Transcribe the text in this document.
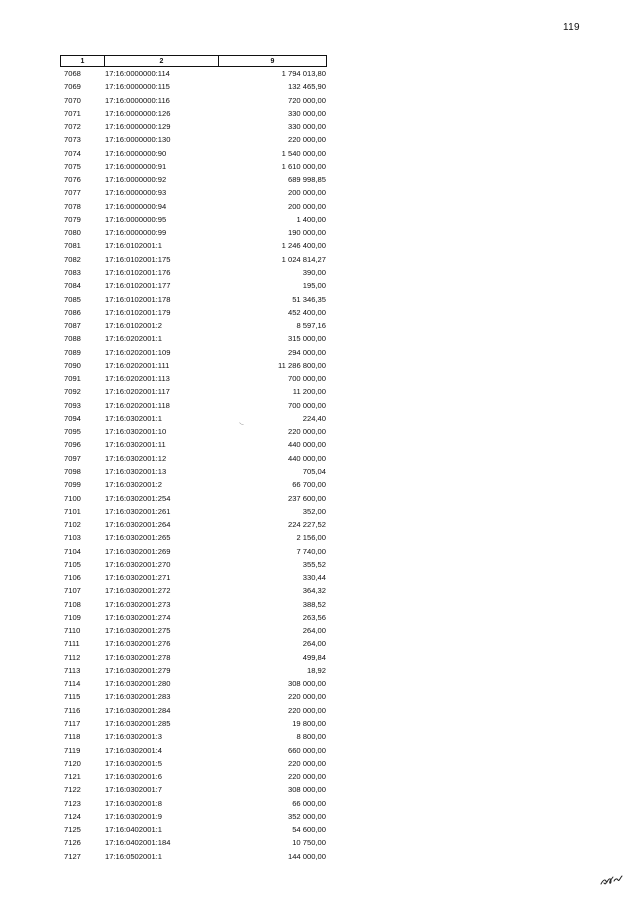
119
1	2	9
7068	17:16:0000000:114	1 794 013,80
7069	17:16:0000000:115	132 465,90
7070	17:16:0000000:116	720 000,00
7071	17:16:0000000:126	330 000,00
7072	17:16:0000000:129	330 000,00
7073	17:16:0000000:130	220 000,00
7074	17:16:0000000:90	1 540 000,00
7075	17:16:0000000:91	1 610 000,00
7076	17:16:0000000:92	689 998,85
7077	17:16:0000000:93	200 000,00
7078	17:16:0000000:94	200 000,00
7079	17:16:0000000:95	1 400,00
7080	17:16:0000000:99	190 000,00
7081	17:16:0102001:1	1 246 400,00
7082	17:16:0102001:175	1 024 814,27
7083	17:16:0102001:176	390,00
7084	17:16:0102001:177	195,00
7085	17:16:0102001:178	51 346,35
7086	17:16:0102001:179	452 400,00
7087	17:16:0102001:2	8 597,16
7088	17:16:0202001:1	315 000,00
7089	17:16:0202001:109	294 000,00
7090	17:16:0202001:111	11 286 800,00
7091	17:16:0202001:113	700 000,00
7092	17:16:0202001:117	11 200,00
7093	17:16:0202001:118	700 000,00
7094	17:16:0302001:1	224,40
7095	17:16:0302001:10	220 000,00
7096	17:16:0302001:11	440 000,00
7097	17:16:0302001:12	440 000,00
7098	17:16:0302001:13	705,04
7099	17:16:0302001:2	66 700,00
7100	17:16:0302001:254	237 600,00
7101	17:16:0302001:261	352,00
7102	17:16:0302001:264	224 227,52
7103	17:16:0302001:265	2 156,00
7104	17:16:0302001:269	7 740,00
7105	17:16:0302001:270	355,52
7106	17:16:0302001:271	330,44
7107	17:16:0302001:272	364,32
7108	17:16:0302001:273	388,52
7109	17:16:0302001:274	263,56
7110	17:16:0302001:275	264,00
7111	17:16:0302001:276	264,00
7112	17:16:0302001:278	499,84
7113	17:16:0302001:279	18,92
7114	17:16:0302001:280	308 000,00
7115	17:16:0302001:283	220 000,00
7116	17:16:0302001:284	220 000,00
7117	17:16:0302001:285	19 800,00
7118	17:16:0302001:3	8 800,00
7119	17:16:0302001:4	660 000,00
7120	17:16:0302001:5	220 000,00
7121	17:16:0302001:6	220 000,00
7122	17:16:0302001:7	308 000,00
7123	17:16:0302001:8	66 000,00
7124	17:16:0302001:9	352 000,00
7125	17:16:0402001:1	54 600,00
7126	17:16:0402001:184	10 750,00
7127	17:16:0502001:1	144 000,00
